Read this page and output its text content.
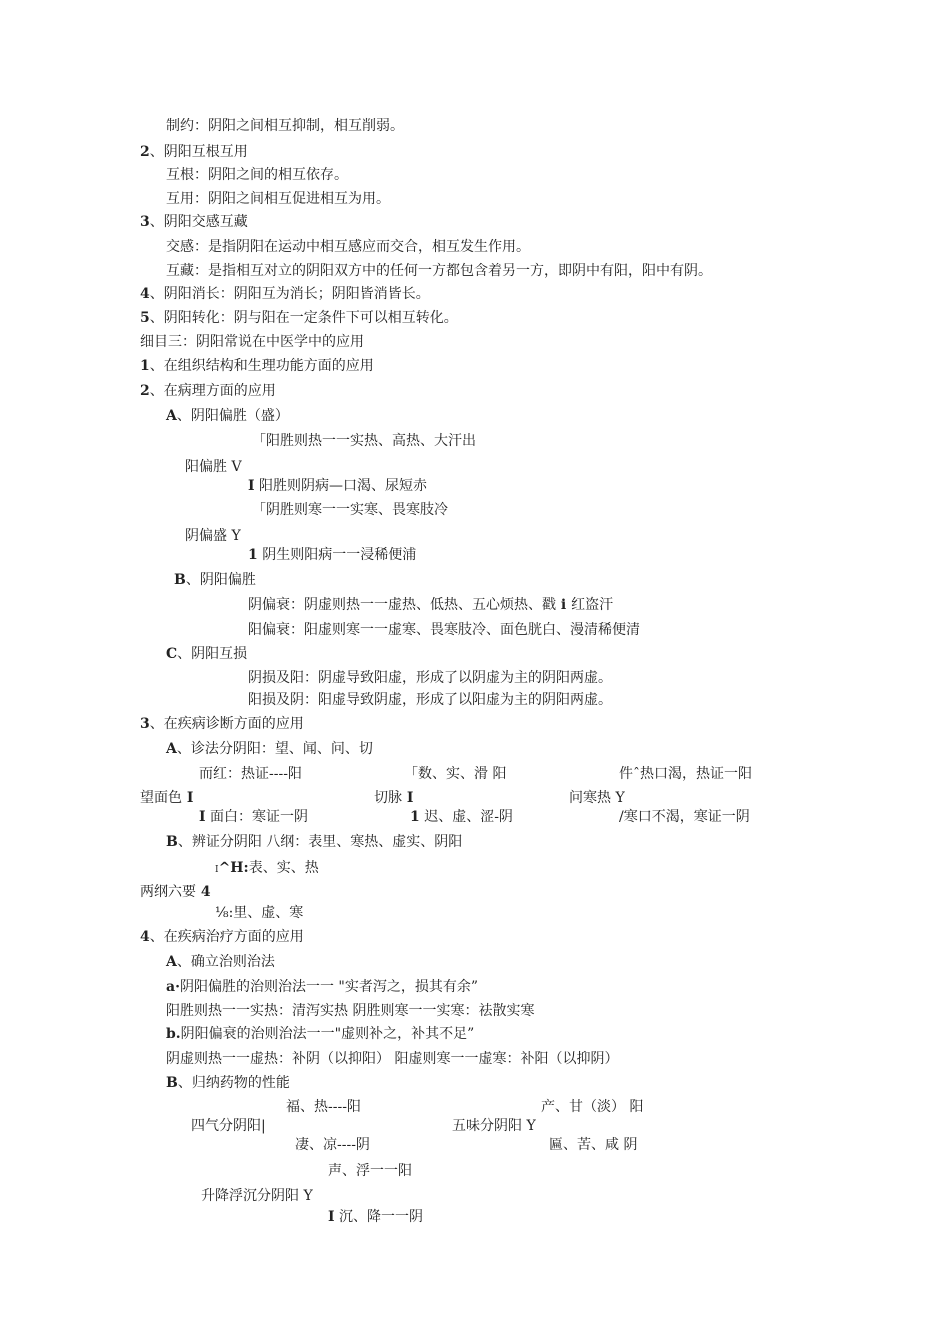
制约：阴阳之间相互抑制，相互削弱。
2、阴阳互根互用
互根：阴阳之间的相互依存。
互用：阴阳之间相互促进相互为用。
3、阴阳交感互藏
交感：是指阴阳在运动中相互感应而交合，相互发生作用。
互藏：是指相互对立的阴阳双方中的任何一方都包含着另一方，即阴中有阳，阳中有阴。
4、阴阳消长：阴阳互为消长；阴阳皆消皆长。
5、阴阳转化：阴与阳在一定条件下可以相互转化。
细目三：阴阳常说在中医学中的应用
1、在组织结构和生理功能方面的应用
2、在病理方面的应用
A、阴阳偏胜（盛）
「阳胜则热一一实热、高热、大汗出
阳偏胜 V
I 阳胜则阴病—口渴、尿短赤
「阴胜则寒一一实寒、畏寒肢冷
阴偏盛 Y
1 阴生则阳病一一浸稀便浦
B、阴阳偏胜
阴偏衰：阴虚则热一一虚热、低热、五心烦热、戳 i 红盗汗
阳偏衰：阳虚则寒一一虚寒、畏寒肢冷、面色胱白、漫清稀便清
C、阴阳互损
阴损及阳：阴虚导致阳虚，形成了以阴虚为主的阴阳两虚。
阳损及阴：阳虚导致阴虚，形成了以阳虚为主的阴阳两虚。
3、在疾病诊断方面的应用
A、诊法分阴阳：望、闻、问、切
而红：热证----阳	「数、实、滑 阳	件ˆ热口渴，热证一阳
望面色 I	切脉 I	问寒热 Y
I 面白：寒证一阴	1 迟、虚、涩-阴	/寒口不渴，寒证一阴
B、辨证分阴阳 八纲：表里、寒热、虚实、阴阳
I^H:表、实、热
两纲六要 4
⅛:里、虚、寒
4、在疾病治疗方面的应用
A、确立治则治法
a·阴阳偏胜的治则治法一一 "实者泻之，损其有余”
阳胜则热一一实热：清泻实热 阴胜则寒一一实寒：祛散实寒
b.阴阳偏衰的治则治法一一"虚则补之，补其不足”
阴虚则热一一虚热：补阴（以抑阳） 阳虚则寒一一虚寒：补阳（以抑阴）
B、归纳药物的性能
福、热----阳	产、甘（淡） 阳
四气分阴阳|	五味分阴阳 Y
凄、凉----阴	匾、苦、咸 阴
声、浮一一阳
升降浮沉分阴阳 Y
I 沉、降一一阴
